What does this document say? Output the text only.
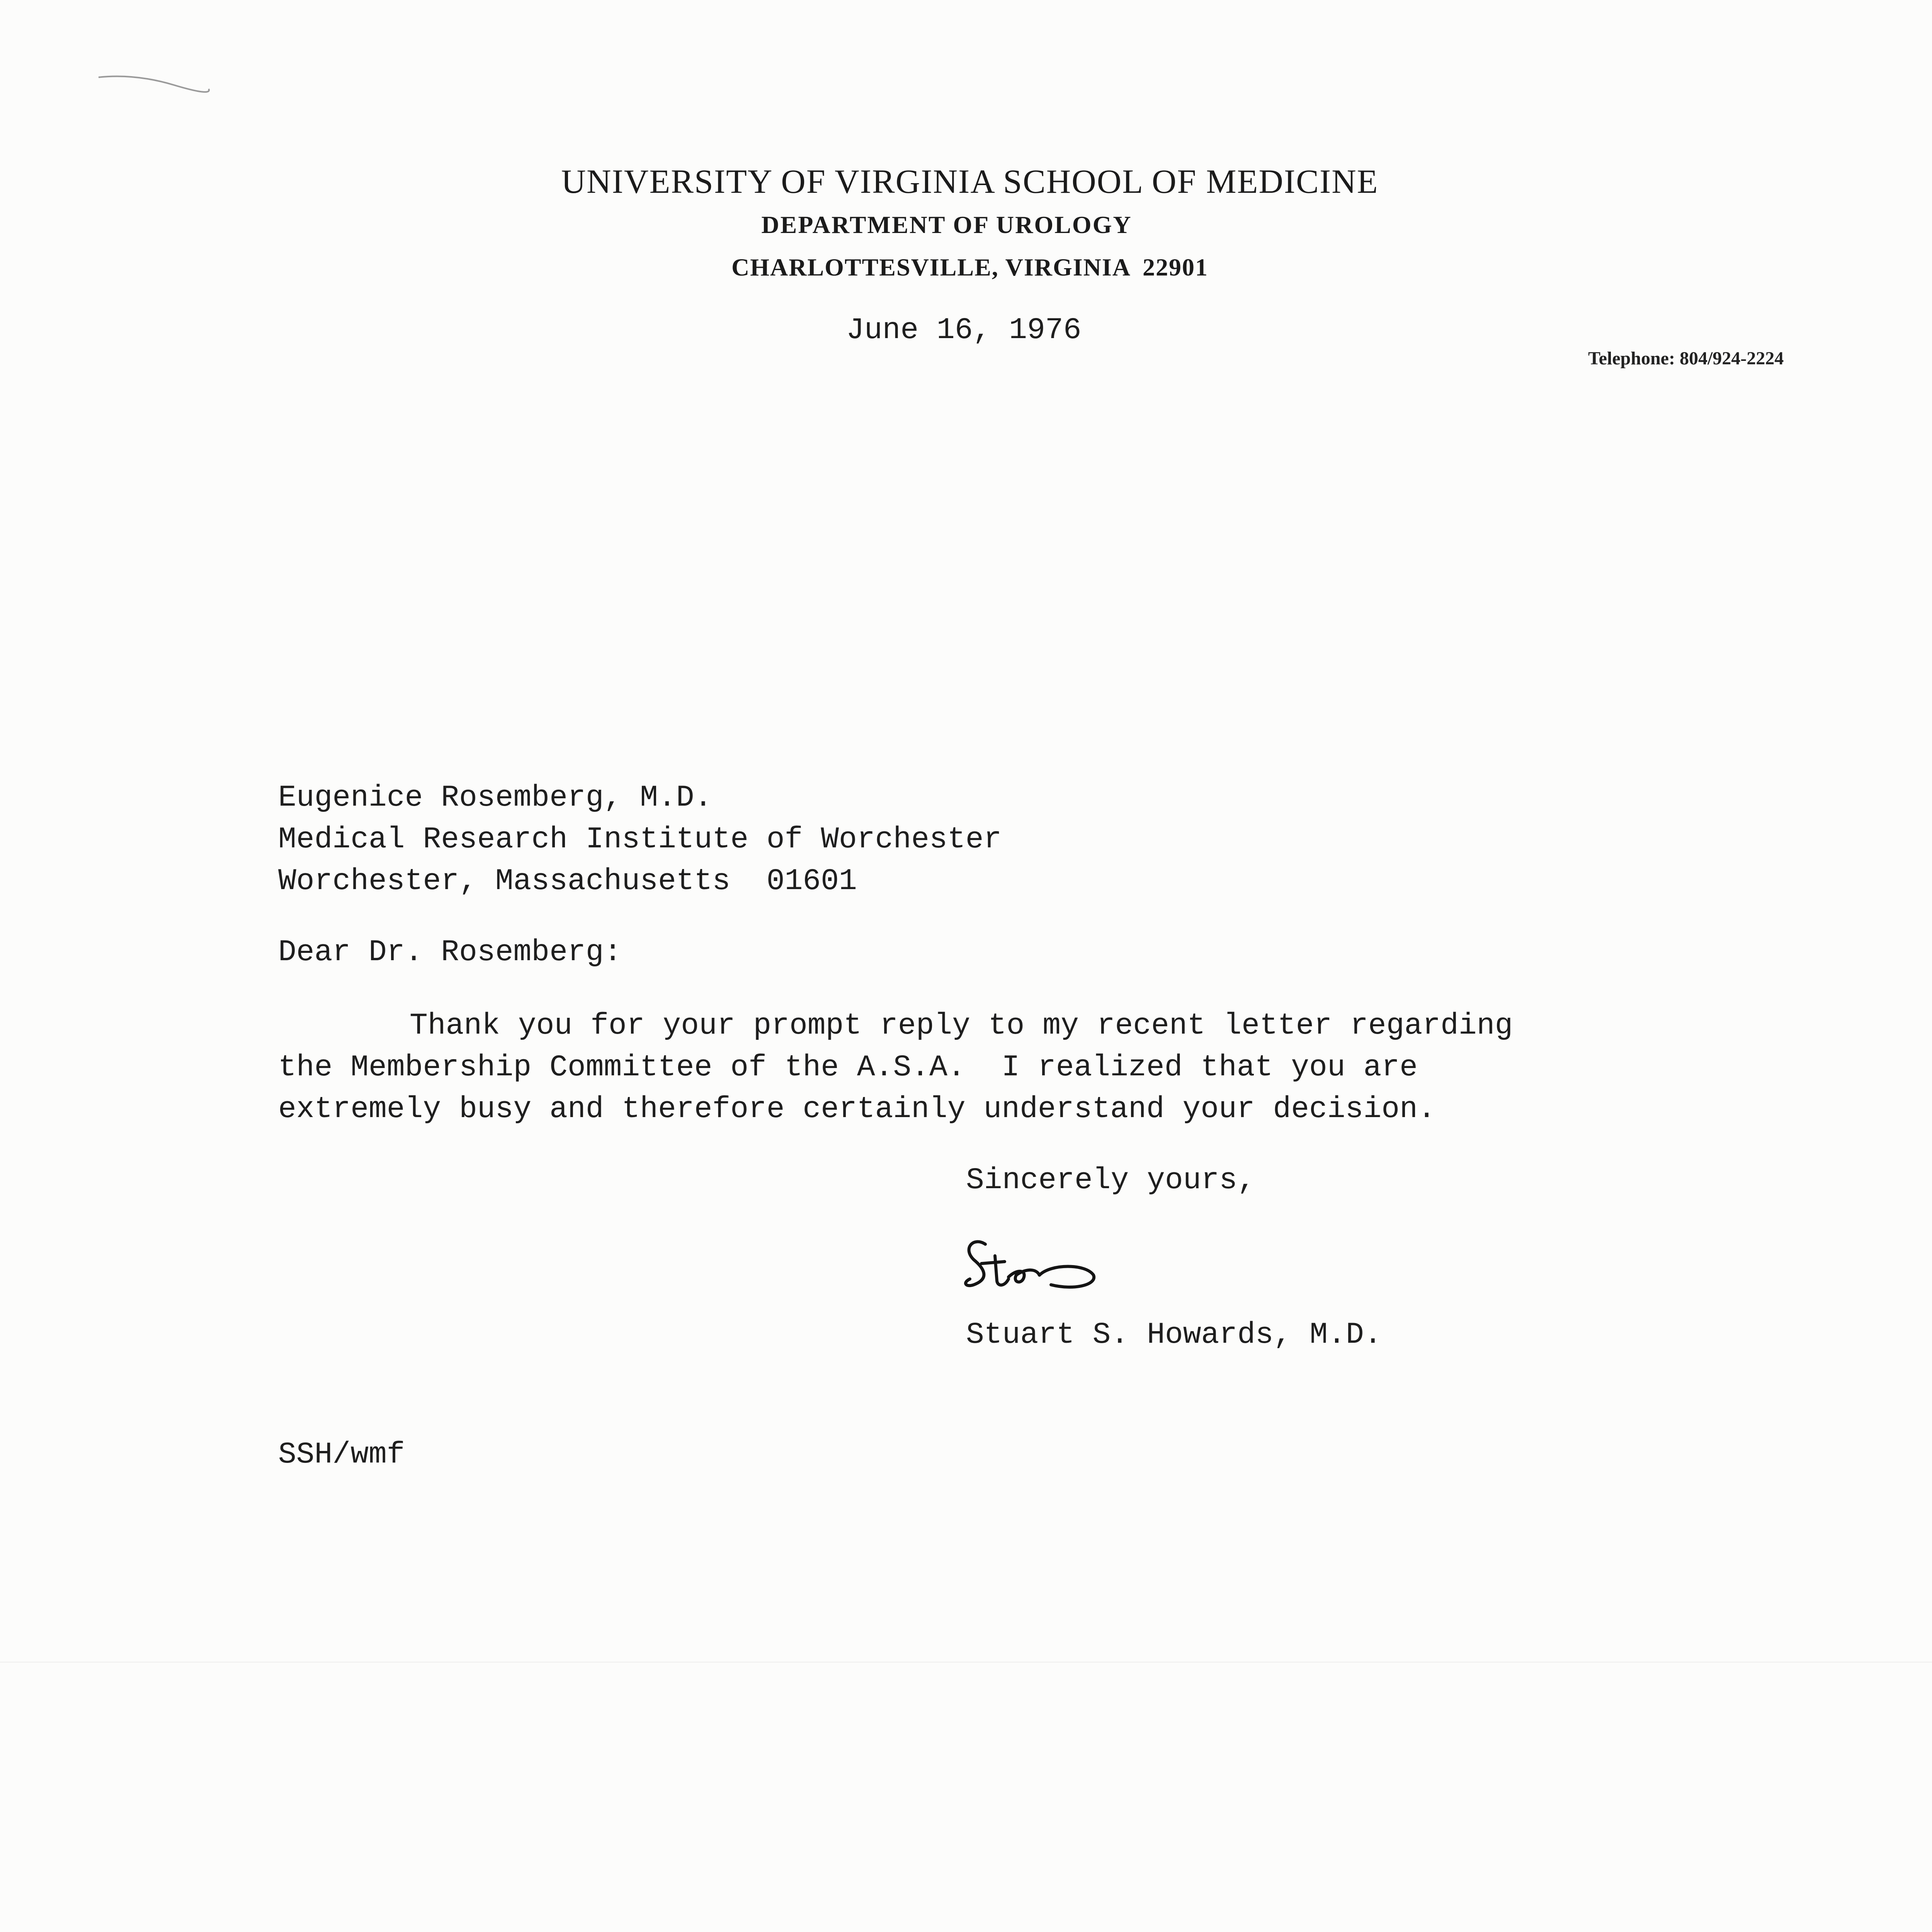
UNIVERSITY OF VIRGINIA SCHOOL OF MEDICINE
DEPARTMENT OF UROLOGY
CHARLOTTESVILLE, VIRGINIA 22901
Telephone: 804/924-2224
June 16, 1976
Eugenice Rosemberg, M.D.
Medical Research Institute of Worchester
Worchester, Massachusetts  01601
Dear Dr. Rosemberg:
Thank you for your prompt reply to my recent letter regarding
the Membership Committee of the A.S.A.  I realized that you are
extremely busy and therefore certainly understand your decision.
Sincerely yours,
Stuart S. Howards, M.D.
SSH/wmf
